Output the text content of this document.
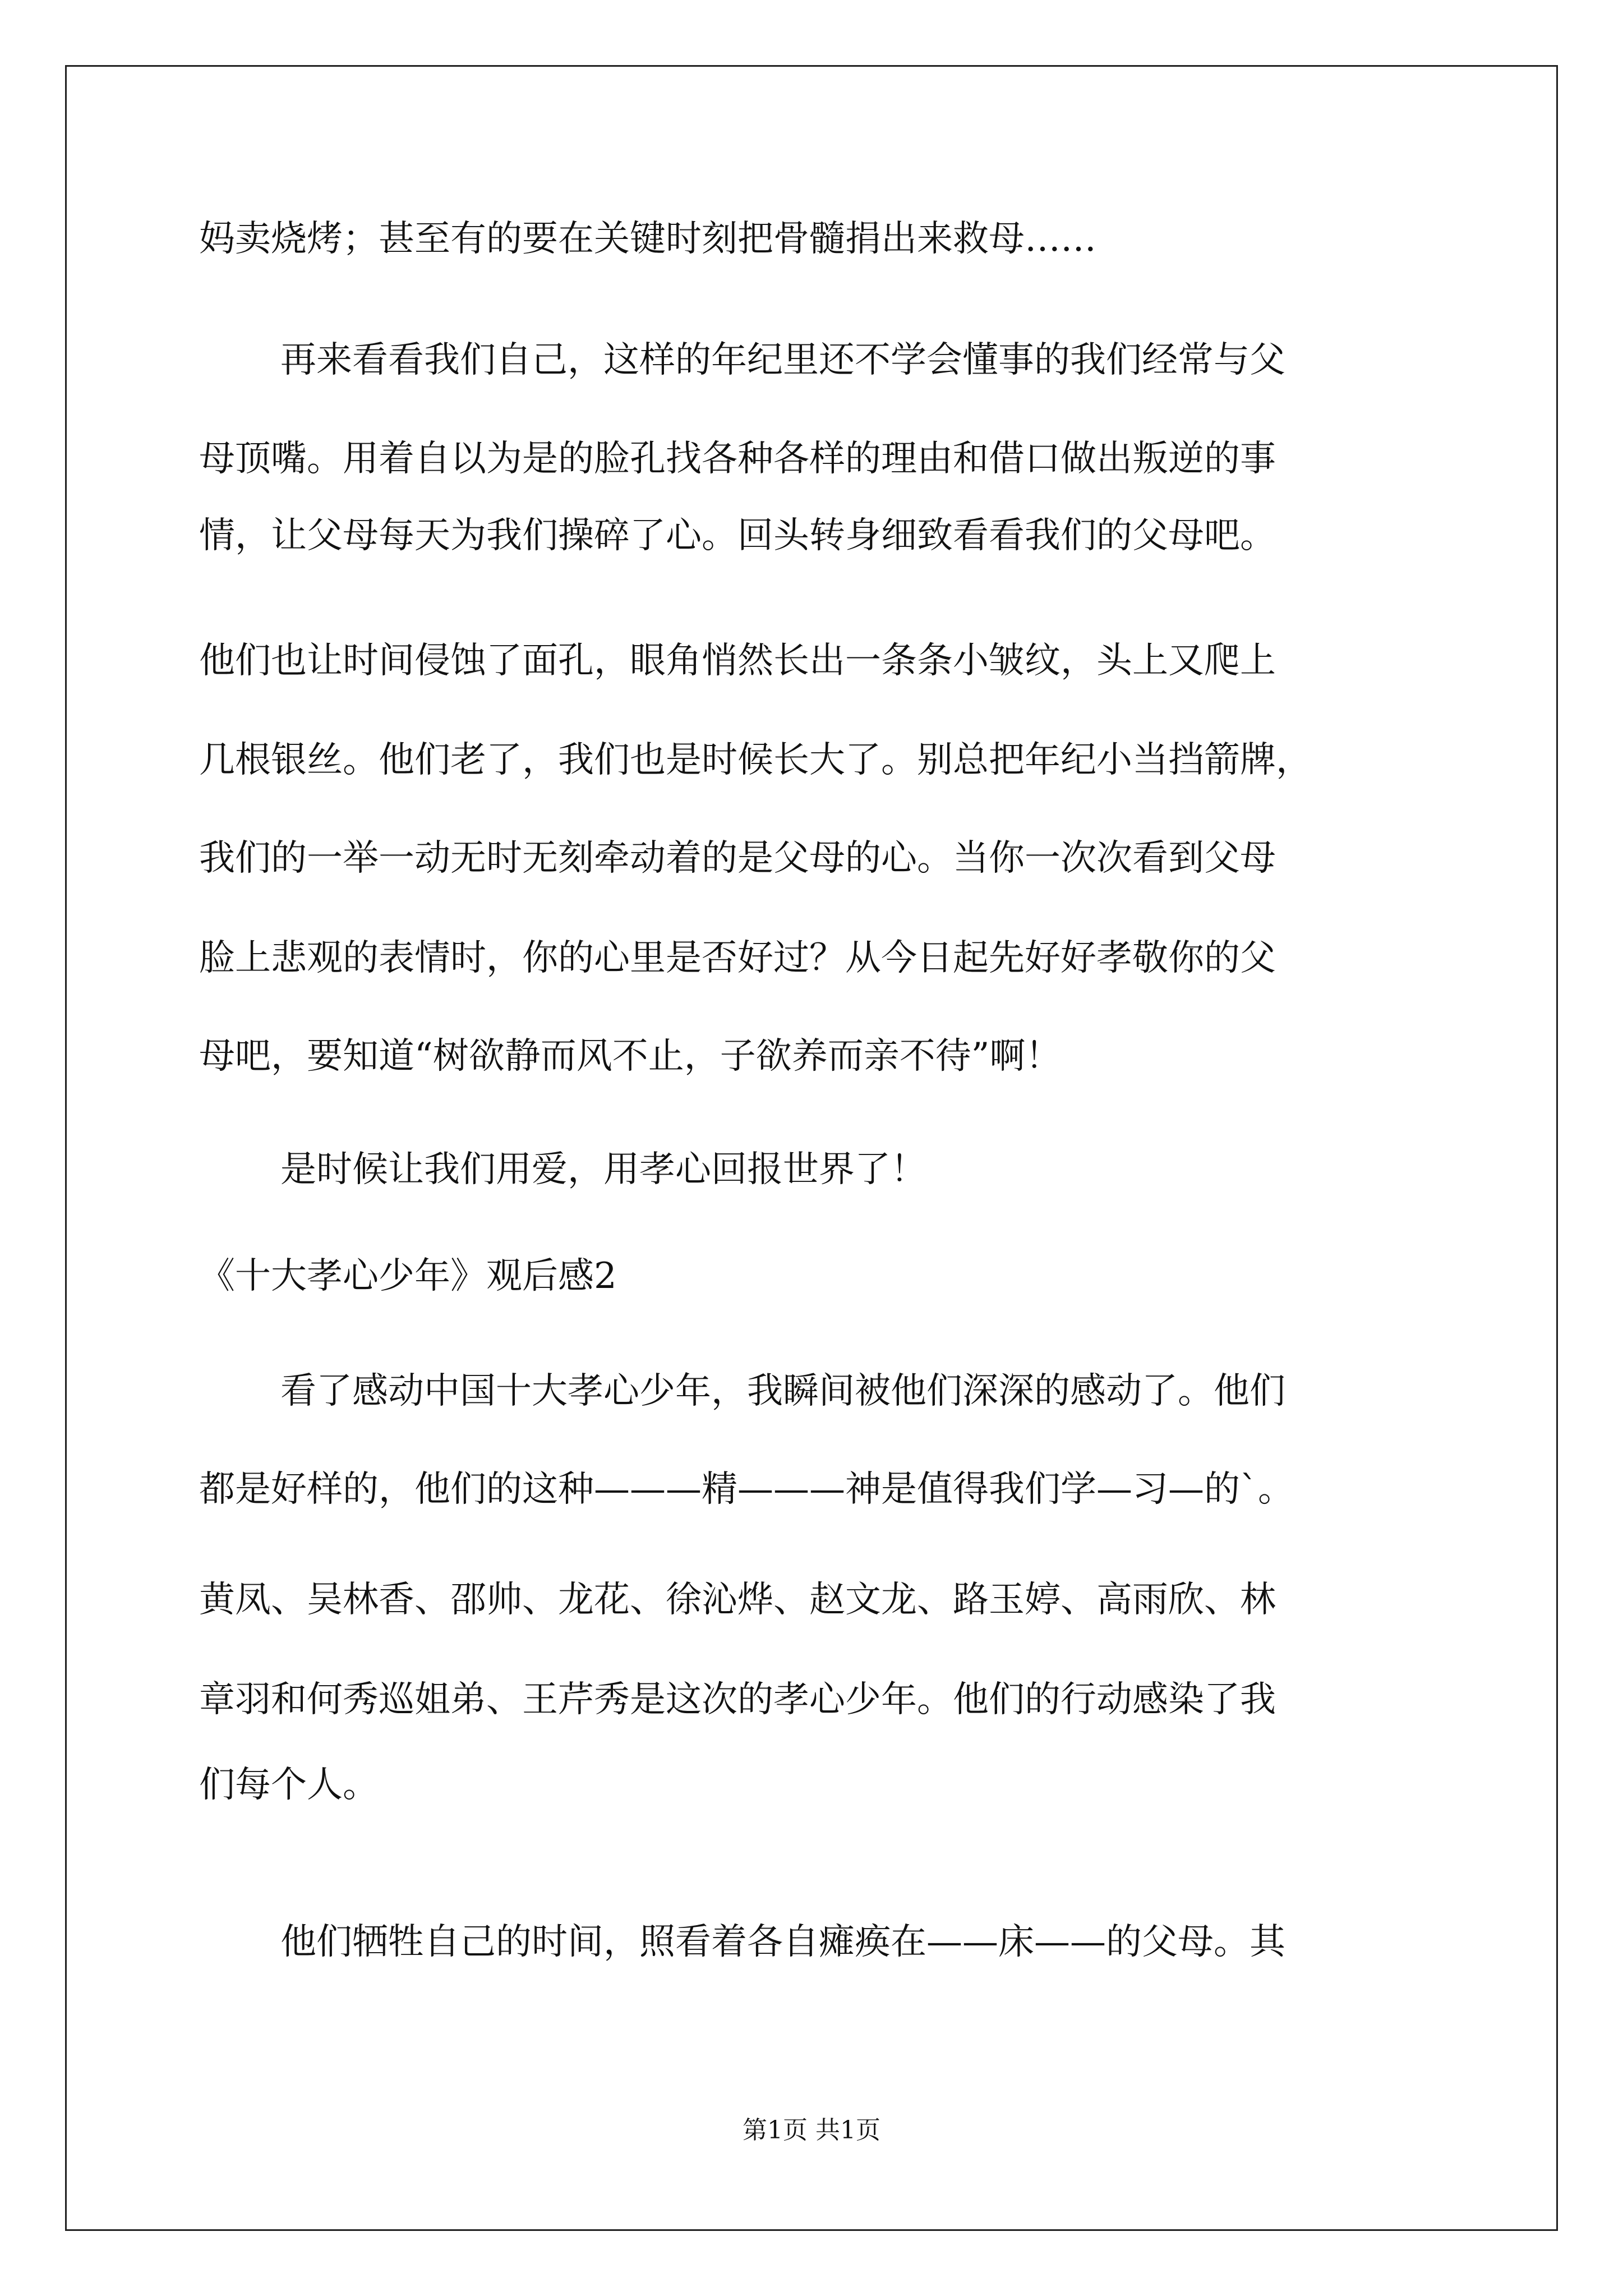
妈卖烧烤；甚至有的要在关键时刻把骨髓捐出来救母……
再来看看我们自己，这样的年纪里还不学会懂事的我们经常与父
母顶嘴。用着自以为是的脸孔找各种各样的理由和借口做出叛逆的事
情，让父母每天为我们操碎了心。回头转身细致看看我们的父母吧。
他们也让时间侵蚀了面孔，眼角悄然长出一条条小皱纹，头上又爬上
几根银丝。他们老了，我们也是时候长大了。别总把年纪小当挡箭牌，
我们的一举一动无时无刻牵动着的是父母的心。当你一次次看到父母
脸上悲观的表情时，你的心里是否好过？从今日起先好好孝敬你的父
母吧，要知道“树欲静而风不止，子欲养而亲不待”啊！
是时候让我们用爱，用孝心回报世界了！
《十大孝心少年》观后感2
看了感动中国十大孝心少年，我瞬间被他们深深的感动了。他们
都是好样的，他们的这种———精———神是值得我们学—习—的`。
黄凤、吴林香、邵帅、龙花、徐沁烨、赵文龙、路玉婷、高雨欣、林
章羽和何秀巡姐弟、王芹秀是这次的孝心少年。他们的行动感染了我
们每个人。
他们牺牲自己的时间，照看着各自瘫痪在——床——的父母。其
第1页 共1页
